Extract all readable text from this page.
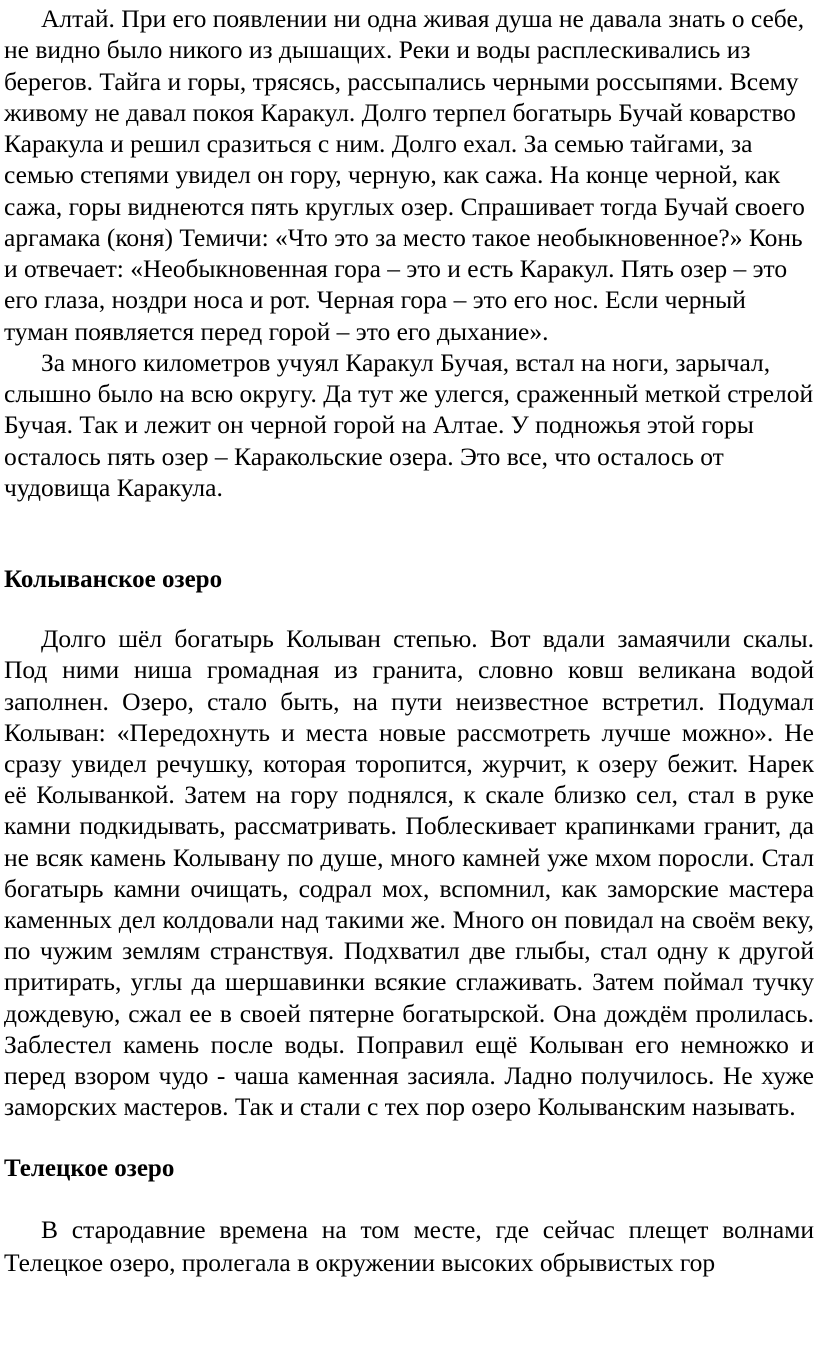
Алтай. При его появлении ни одна живая душа не давала знать о себе, не видно было никого из дышащих. Реки и воды расплескивались из берегов. Тайга и горы, трясясь, рассыпались черными россыпями. Всему живому не давал покоя Каракул. Долго терпел богатырь Бучай коварство Каракула и решил сразиться с ним. Долго ехал. За семью тайгами, за семью степями увидел он гору, черную, как сажа. На конце черной, как сажа, горы виднеются пять круглых озер. Спрашивает тогда Бучай своего аргамака (коня) Темичи: «Что это за место такое необыкновенное?» Конь и отвечает: «Необыкновенная гора – это и есть Каракул. Пять озер – это его глаза, ноздри носа и рот. Черная гора – это его нос. Если черный туман появляется перед горой – это его дыхание».

За много километров учуял Каракул Бучая, встал на ноги, зарычал, слышно было на всю округу. Да тут же улегся, сраженный меткой стрелой Бучая. Так и лежит он черной горой на Алтае. У подножья этой горы осталось пять озер – Каракольские озера. Это все, что осталось от чудовища Каракула.

Колыванское озеро

Долго шёл богатырь Колыван степью. Вот вдали замаячили скалы. Под ними ниша громадная из гранита, словно ковш великана водой заполнен. Озеро, стало быть, на пути неизвестное встретил. Подумал Колыван: «Передохнуть и места новые рассмотреть лучше можно». Не сразу увидел речушку, которая торопится, журчит, к озеру бежит. Нарек её Колыванкой. Затем на гору поднялся, к скале близко сел, стал в руке камни подкидывать, рассматривать. Поблескивает крапинками гранит, да не всяк камень Колывану по душе, много камней уже мхом поросли. Стал богатырь камни очищать, содрал мох, вспомнил, как заморские мастера каменных дел колдовали над такими же. Много он повидал на своём веку, по чужим землям странствуя. Подхватил две глыбы, стал одну к другой притирать, углы да шершавинки всякие сглаживать. Затем поймал тучку дождевую, сжал ее в своей пятерне богатырской. Она дождём пролилась. Заблестел камень после воды. Поправил ещё Колыван его немножко и перед взором чудо - чаша каменная засияла. Ладно получилось. Не хуже заморских мастеров. Так и стали с тех пор озеро Колыванским называть.

Телецкое озеро

В стародавние времена на том месте, где сейчас плещет волнами Телецкое озеро, пролегала в окружении высоких обрывистых гор
